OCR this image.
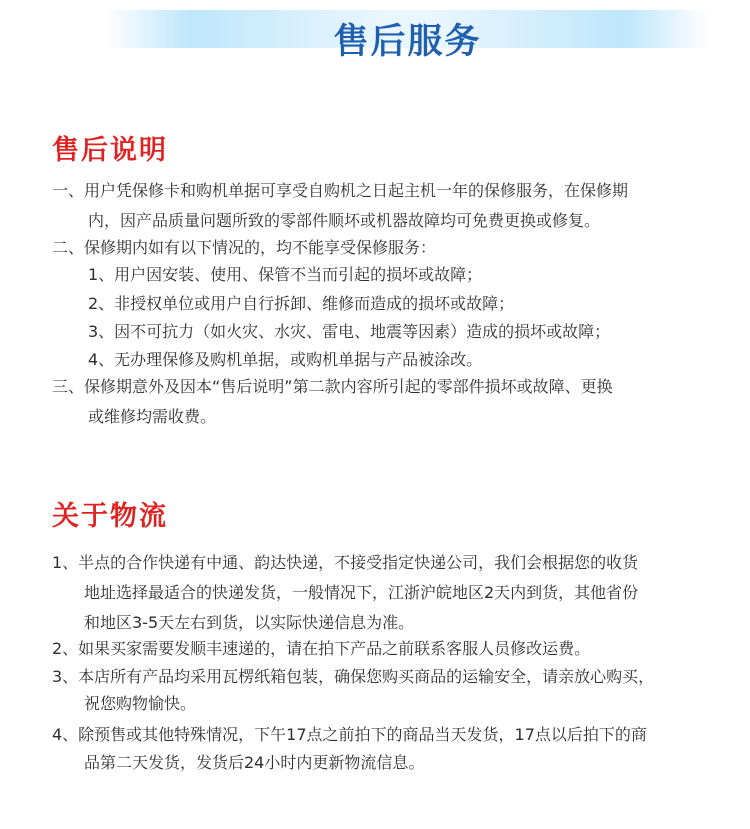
售后服务
售后说明
一、用户凭保修卡和购机单据可享受自购机之日起主机一年的保修服务，在保修期
内，因产品质量问题所致的零部件顺坏或机器故障均可免费更换或修复。
二、保修期内如有以下情况的，均不能享受保修服务：
1、用户因安装、使用、保管不当而引起的损坏或故障；
2、非授权单位或用户自行拆卸、维修而造成的损坏或故障；
3、因不可抗力（如火灾、水灾、雷电、地震等因素）造成的损坏或故障；
4、无办理保修及购机单据，或购机单据与产品被涂改。
三、保修期意外及因本“售后说明”第二款内容所引起的零部件损坏或故障、更换
或维修均需收费。
关于物流
1、半点的合作快递有中通、韵达快递，不接受指定快递公司，我们会根据您的收货
地址选择最适合的快递发货，一般情况下，江浙沪皖地区2天内到货，其他省份
和地区3-5天左右到货，以实际快递信息为准。
2、如果买家需要发顺丰速递的，请在拍下产品之前联系客服人员修改运费。
3、本店所有产品均采用瓦楞纸箱包装，确保您购买商品的运输安全，请亲放心购买，
祝您购物愉快。
4、除预售或其他特殊情况，下午17点之前拍下的商品当天发货，17点以后拍下的商
品第二天发货，发货后24小时内更新物流信息。
